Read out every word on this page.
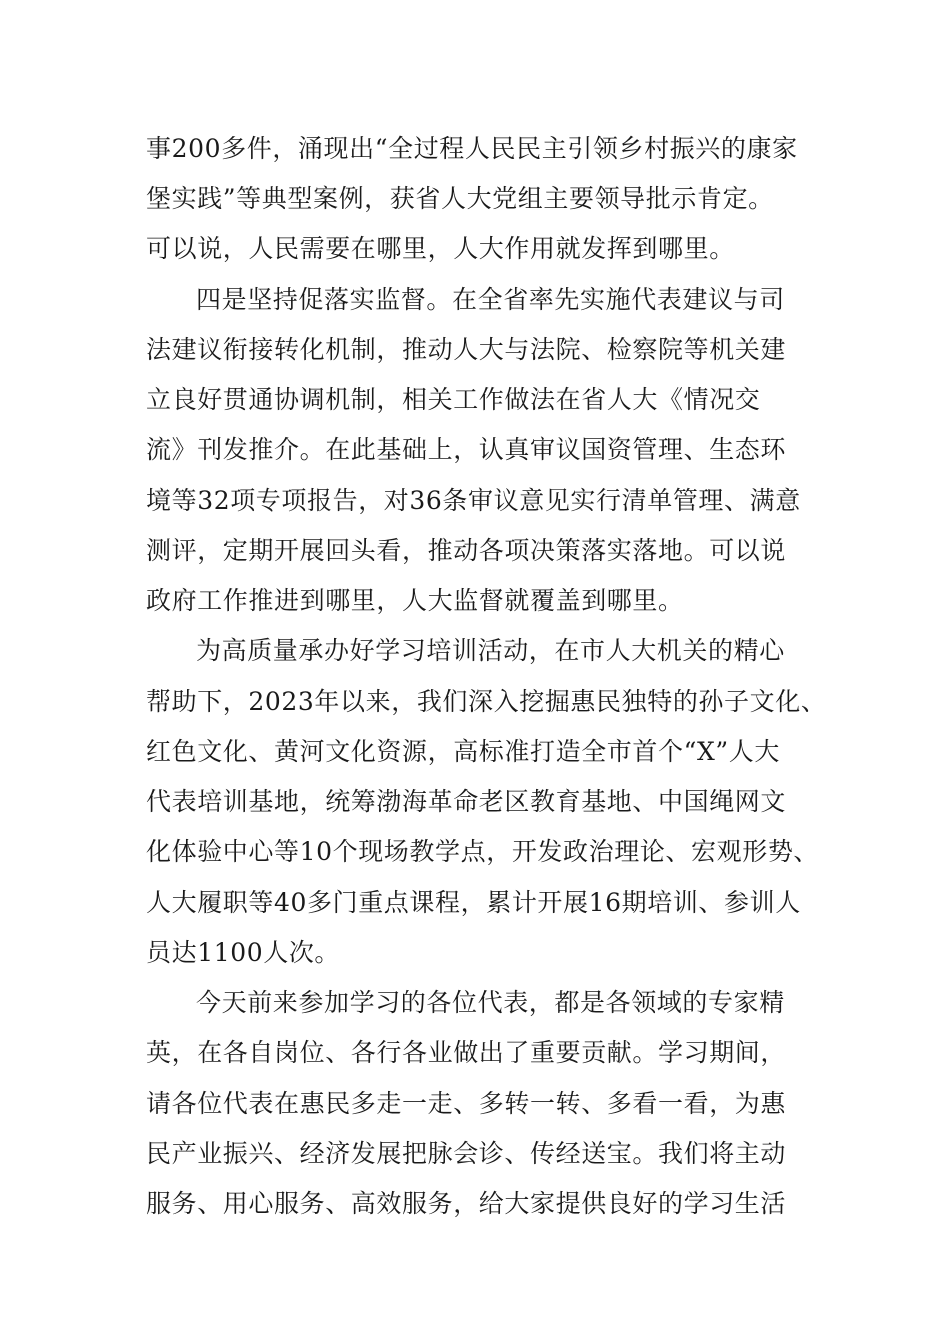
事200多件，涌现出“全过程人民民主引领乡村振兴的康家
堡实践”等典型案例，获省人大党组主要领导批示肯定。
可以说，人民需要在哪里，人大作用就发挥到哪里。
四是坚持促落实监督。在全省率先实施代表建议与司
法建议衔接转化机制，推动人大与法院、检察院等机关建
立良好贯通协调机制，相关工作做法在省人大《情况交
流》刊发推介。在此基础上，认真审议国资管理、生态环
境等32项专项报告，对36条审议意见实行清单管理、满意
测评，定期开展回头看，推动各项决策落实落地。可以说
政府工作推进到哪里，人大监督就覆盖到哪里。
为高质量承办好学习培训活动，在市人大机关的精心
帮助下，2023年以来，我们深入挖掘惠民独特的孙子文化、
红色文化、黄河文化资源，高标准打造全市首个“X”人大
代表培训基地，统筹渤海革命老区教育基地、中国绳网文
化体验中心等10个现场教学点，开发政治理论、宏观形势、
人大履职等40多门重点课程，累计开展16期培训、参训人
员达1100人次。
今天前来参加学习的各位代表，都是各领域的专家精
英，在各自岗位、各行各业做出了重要贡献。学习期间，
请各位代表在惠民多走一走、多转一转、多看一看，为惠
民产业振兴、经济发展把脉会诊、传经送宝。我们将主动
服务、用心服务、高效服务，给大家提供良好的学习生活
